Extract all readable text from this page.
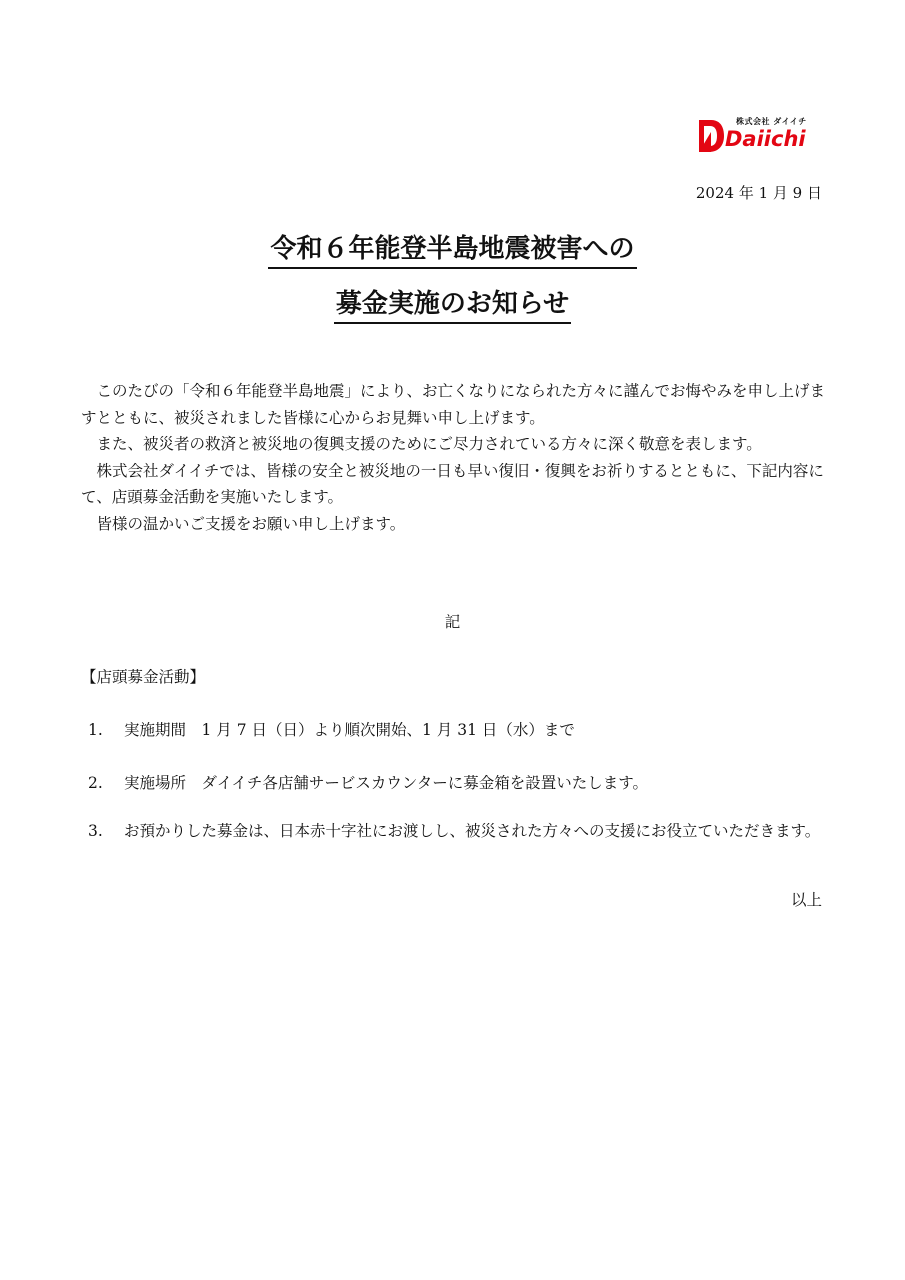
株式会社 ダイイチ
Daiichi
2024 年 1 月 9 日
令和６年能登半島地震被害への
募金実施のお知らせ

このたびの「令和６年能登半島地震」により、お亡くなりになられた方々に謹んでお悔やみを申し上げますとともに、被災されました皆様に心からお見舞い申し上げます。

また、被災者の救済と被災地の復興支援のためにご尽力されている方々に深く敬意を表します。

株式会社ダイイチでは、皆様の安全と被災地の一日も早い復旧・復興をお祈りするとともに、下記内容にて、店頭募金活動を実施いたします。

皆様の温かいご支援をお願い申し上げます。

記
【店頭募金活動】
1.	実施期間　1 月 7 日（日）より順次開始、1 月 31 日（水）まで
2.	実施場所　ダイイチ各店舗サービスカウンターに募金箱を設置いたします。
3.	お預かりした募金は、日本赤十字社にお渡しし、被災された方々への支援にお役立ていただきます。
以上
